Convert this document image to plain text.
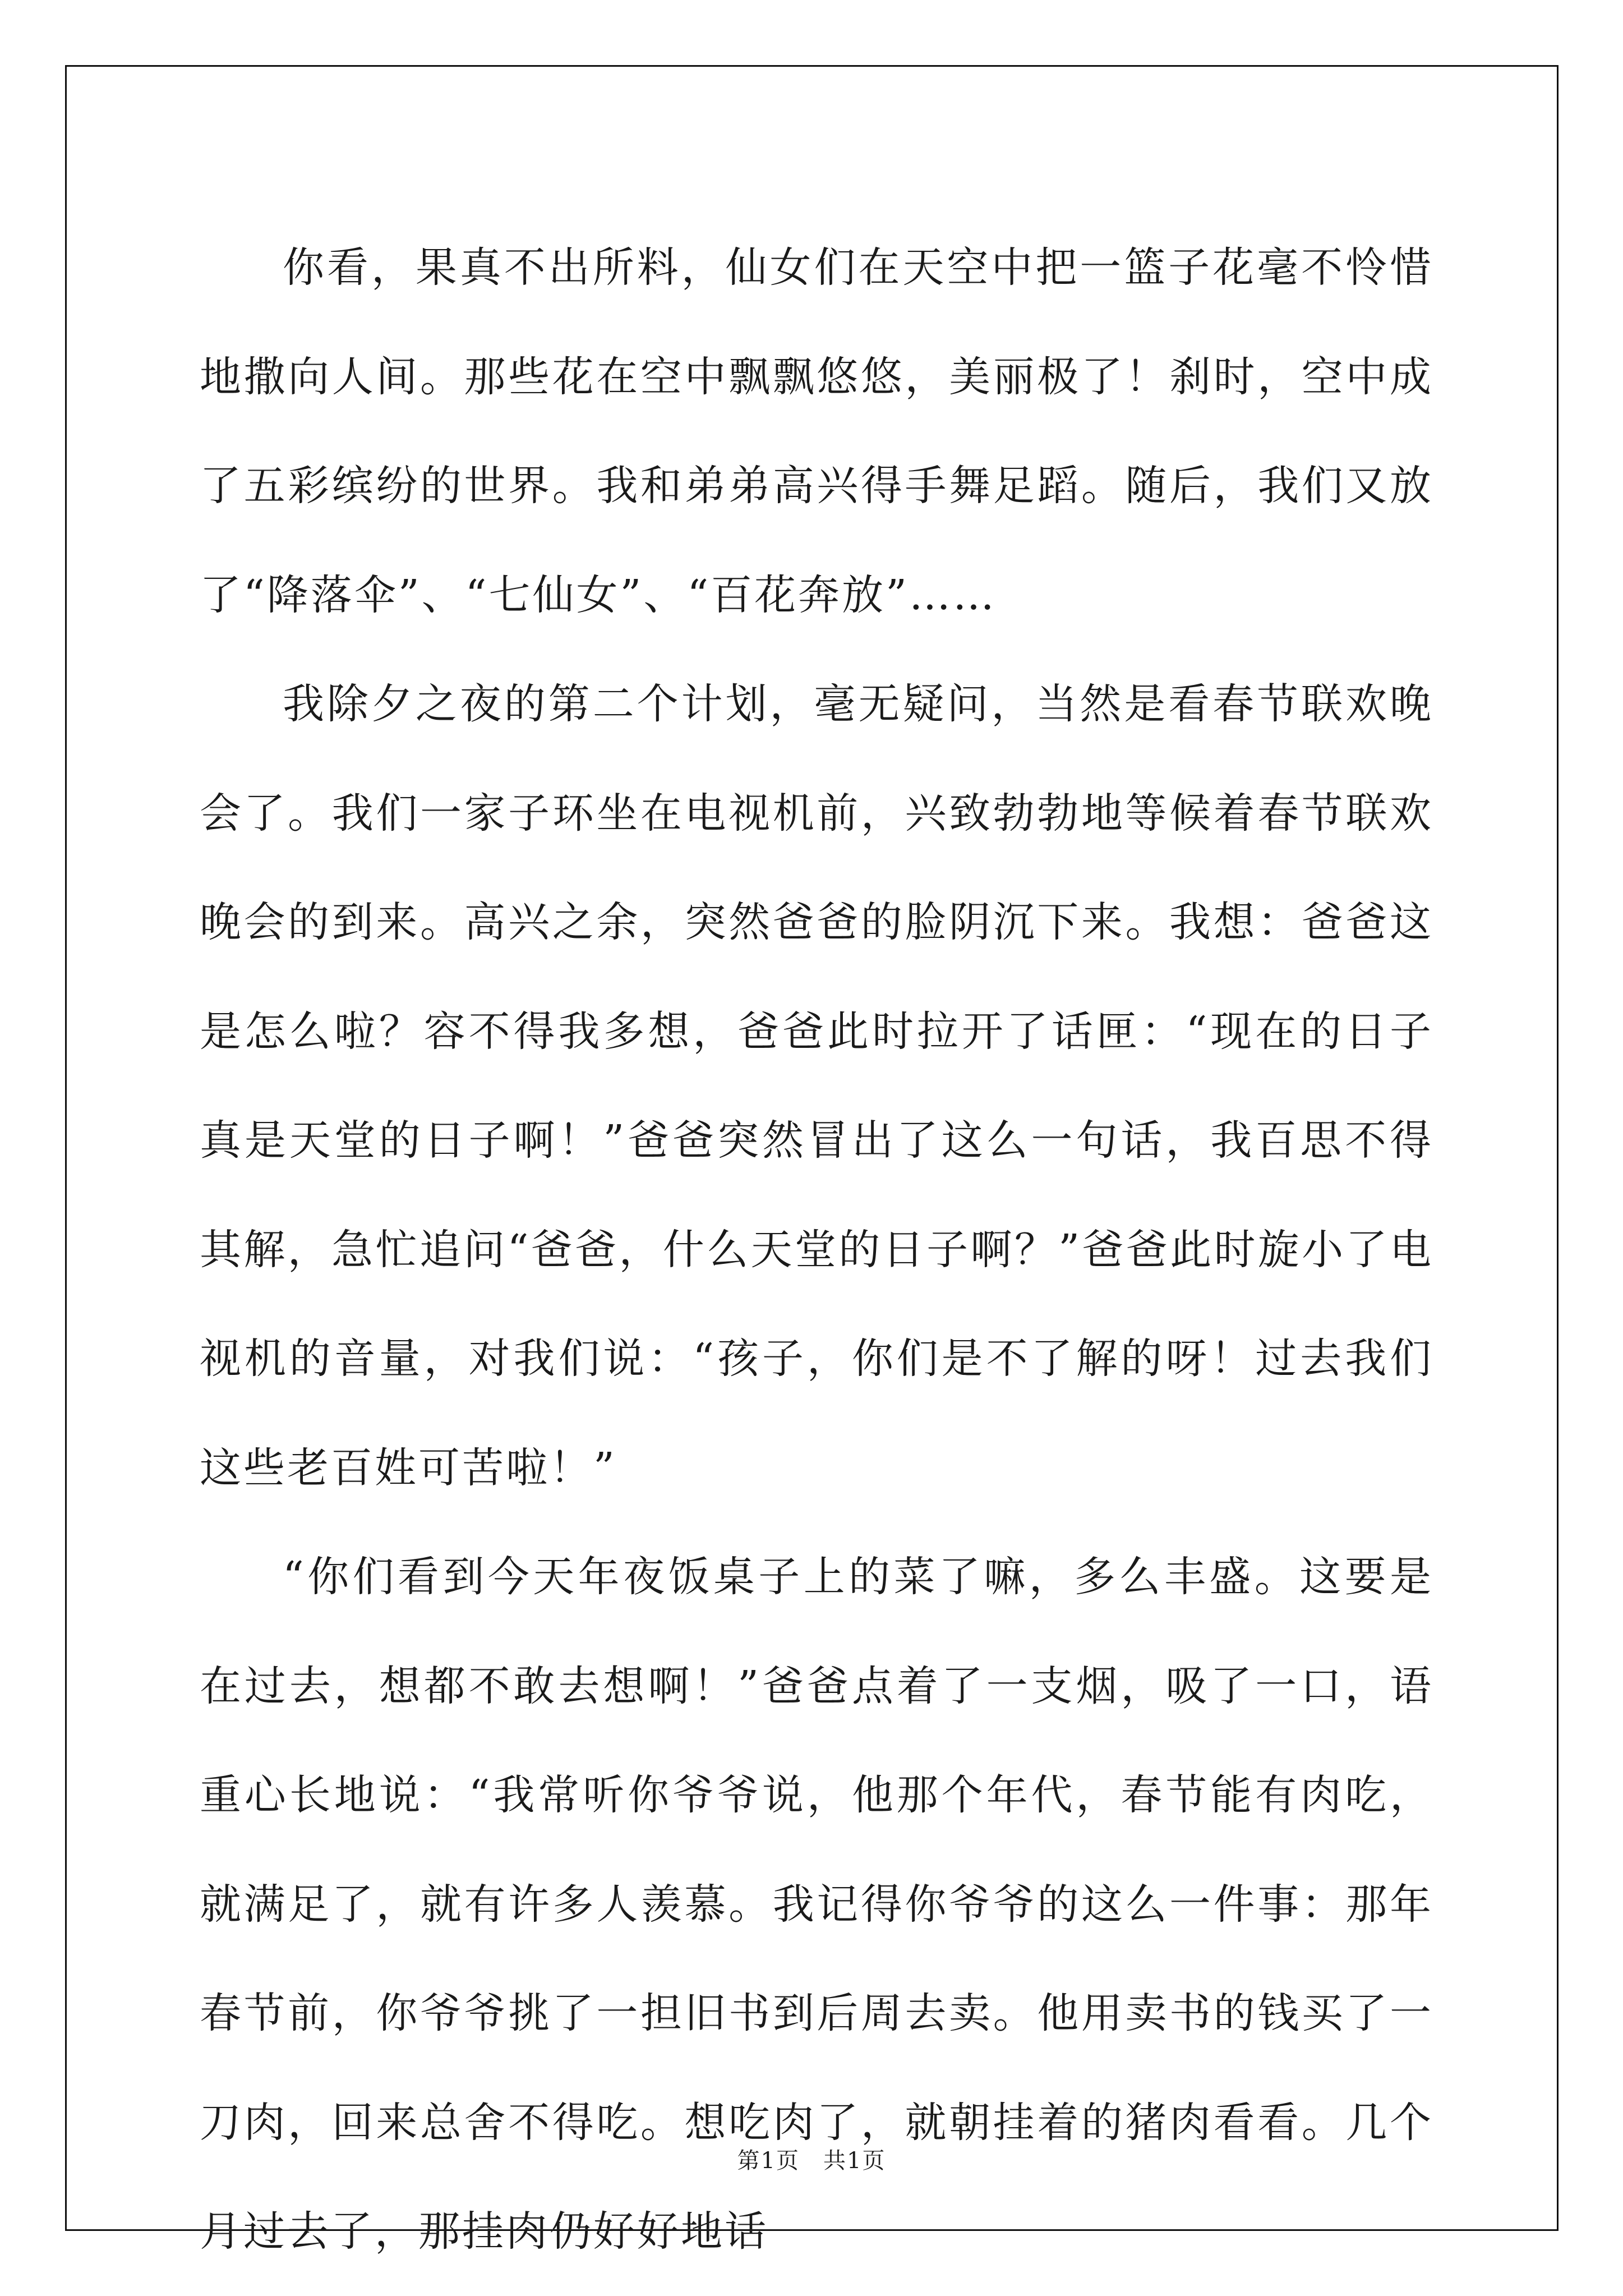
你看，果真不出所料，仙女们在天空中把一篮子花毫不怜惜地撒向人间。那些花在空中飘飘悠悠，美丽极了！刹时，空中成了五彩缤纷的世界。我和弟弟高兴得手舞足蹈。随后，我们又放了“降落伞”、“七仙女”、“百花奔放”……

我除夕之夜的第二个计划，毫无疑问，当然是看春节联欢晚会了。我们一家子环坐在电视机前，兴致勃勃地等候着春节联欢晚会的到来。高兴之余，突然爸爸的脸阴沉下来。我想：爸爸这是怎么啦？容不得我多想，爸爸此时拉开了话匣：“现在的日子真是天堂的日子啊！”爸爸突然冒出了这么一句话，我百思不得其解，急忙追问“爸爸，什么天堂的日子啊？”爸爸此时旋小了电视机的音量，对我们说：“孩子，你们是不了解的呀！过去我们这些老百姓可苦啦！”

“你们看到今天年夜饭桌子上的菜了嘛，多么丰盛。这要是在过去，想都不敢去想啊！”爸爸点着了一支烟，吸了一口，语重心长地说：“我常听你爷爷说，他那个年代，春节能有肉吃，就满足了，就有许多人羡慕。我记得你爷爷的这么一件事：那年春节前，你爷爷挑了一担旧书到后周去卖。他用卖书的钱买了一刀肉，回来总舍不得吃。想吃肉了，就朝挂着的猪肉看看。几个月过去了，那挂肉仍好好地话

第1页　共1页
